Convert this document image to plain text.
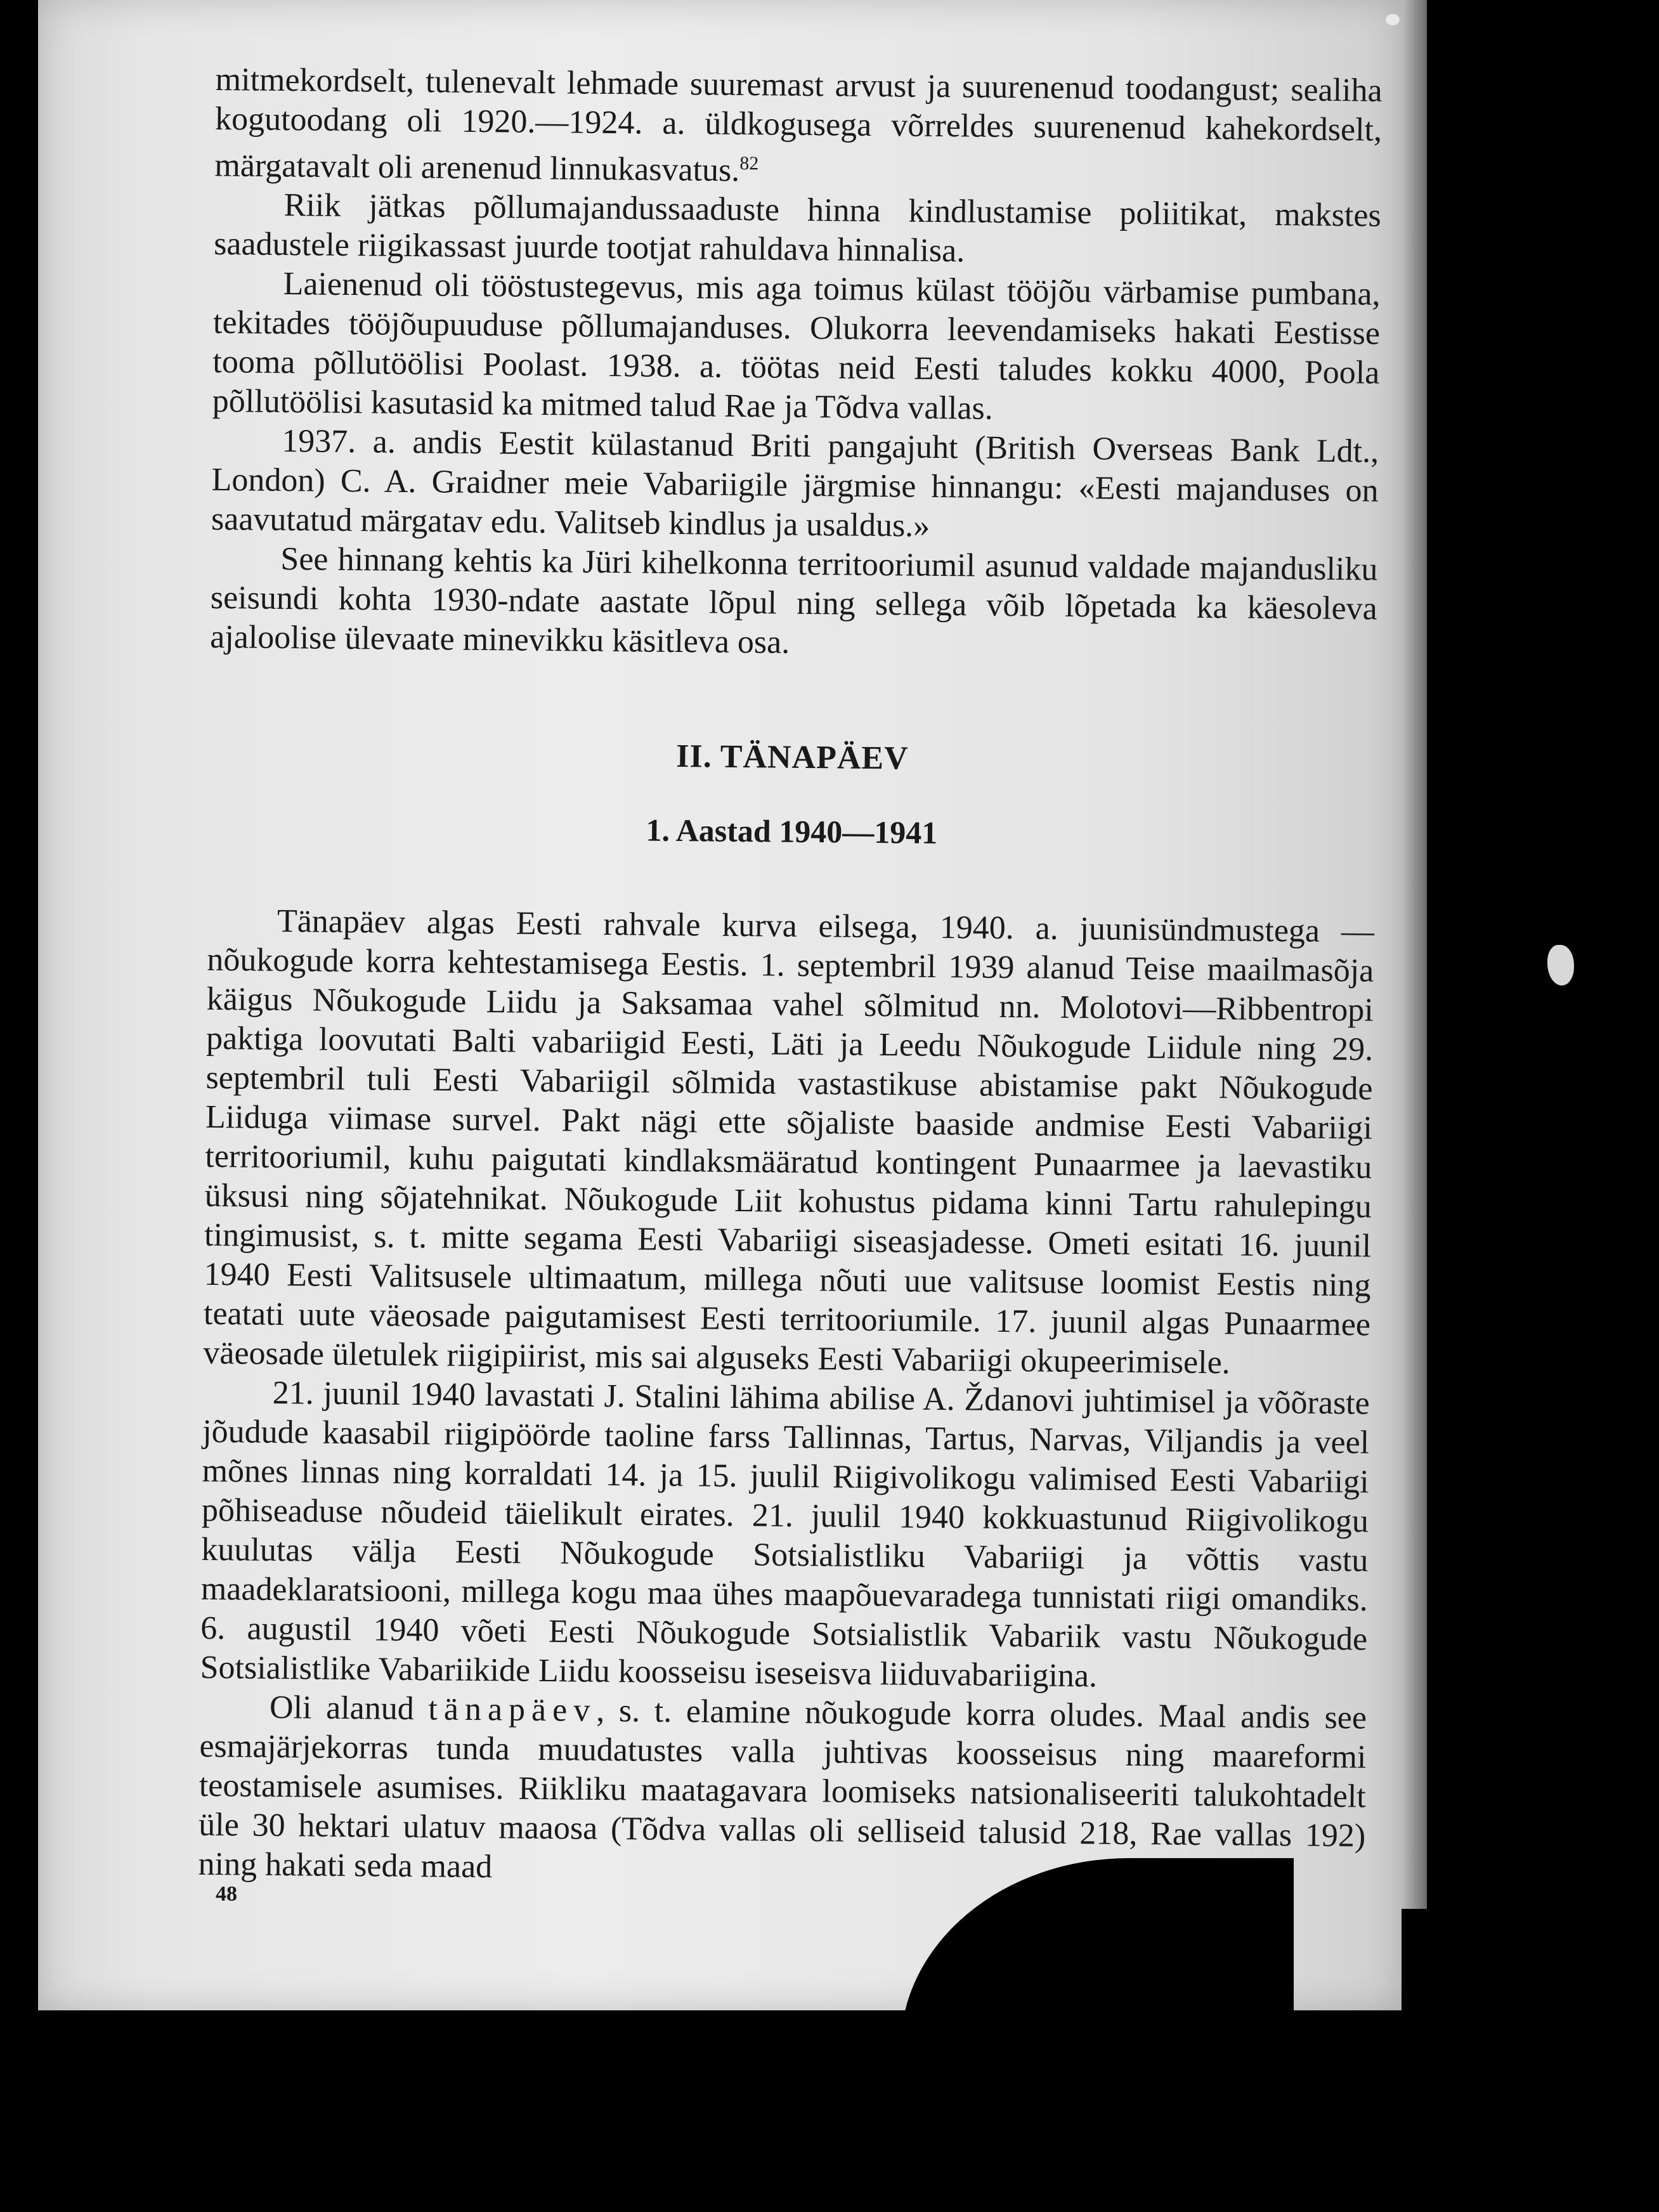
mitmekordselt, tulenevalt lehmade suuremast arvust ja suurenenud toodangust; sealiha kogutoodang oli 1920.—1924. a. üldkogusega võrreldes suurenenud kahekordselt, märgatavalt oli arenenud linnukasvatus.$^{82}$

Riik jätkas põllumajandussaaduste hinna kindlustamise poliitikat, makstes saadustele riigikassast juurde tootjat rahuldava hinnalisa.

Laienenud oli tööstustegevus, mis aga toimus külast tööjõu värbamise pumbana, tekitades tööjõupuuduse põllumajanduses. Olukorra leevendamiseks hakati Eestisse tooma põllutöölisi Poolast. 1938. a. töötas neid Eesti taludes kokku 4000, Poola põllutöölisi kasutasid ka mitmed talud Rae ja Tõdva vallas.

1937. a. andis Eestit külastanud Briti pangajuht (British Overseas Bank Ldt., London) C. A. Graidner meie Vabariigile järgmise hinnangu: «Eesti majanduses on saavutatud märgatav edu. Valitseb kindlus ja usaldus.»

See hinnang kehtis ka Jüri kihelkonna territooriumil asunud valdade majandusliku seisundi kohta 1930-ndate aastate lõpul ning sellega võib lõpetada ka käesoleva ajaloolise ülevaate minevikku käsitleva osa.

II. TÄNAPÄEV
1. Aastad 1940—1941

Tänapäev algas Eesti rahvale kurva eilsega, 1940. a. juunisündmustega — nõukogude korra kehtestamisega Eestis. 1. septembril 1939 alanud Teise maailmasõja käigus Nõukogude Liidu ja Saksamaa vahel sõlmitud nn. Molotovi—Ribbentropi paktiga loovutati Balti vabariigid Eesti, Läti ja Leedu Nõukogude Liidule ning 29. septembril tuli Eesti Vabariigil sõlmida vastastikuse abistamise pakt Nõukogude Liiduga viimase survel. Pakt nägi ette sõjaliste baaside andmise Eesti Vabariigi territooriumil, kuhu paigutati kindlaksmääratud kontingent Punaarmee ja laevastiku üksusi ning sõjatehnikat. Nõukogude Liit kohustus pidama kinni Tartu rahulepingu tingimusist, s. t. mitte segama Eesti Vabariigi siseasjadesse. Ometi esitati 16. juunil 1940 Eesti Valitsusele ultimaatum, millega nõuti uue valitsuse loomist Eestis ning teatati uute väeosade paigutamisest Eesti territooriumile. 17. juunil algas Punaarmee väeosade ületulek riigipiirist, mis sai alguseks Eesti Vabariigi okupeerimisele.

21. juunil 1940 lavastati J. Stalini lähima abilise A. Ždanovi juhtimisel ja võõraste jõudude kaasabil riigipöörde taoline farss Tallinnas, Tartus, Narvas, Viljandis ja veel mõnes linnas ning korraldati 14. ja 15. juulil Riigivolikogu valimised Eesti Vabariigi põhiseaduse nõudeid täielikult eirates. 21. juulil 1940 kokkuastunud Riigivolikogu kuulutas välja Eesti Nõukogude Sotsialistliku Vabariigi ja võttis vastu maadeklaratsiooni, millega kogu maa ühes maapõuevaradega tunnistati riigi omandiks. 6. augustil 1940 võeti Eesti Nõukogude Sotsialistlik Vabariik vastu Nõukogude Sotsialistlike Vabariikide Liidu koosseisu iseseisva liiduvabariigina.

Oli alanud tänapäev, s. t. elamine nõukogude korra oludes. Maal andis see esmajärjekorras tunda muudatustes valla juhtivas koosseisus ning maareformi teostamisele asumises. Riikliku maatagavara loomiseks natsionaliseeriti talukohtadelt üle 30 hektari ulatuv maaosa (Tõdva vallas oli selliseid talusid 218, Rae vallas 192) ning hakati seda maad

48
